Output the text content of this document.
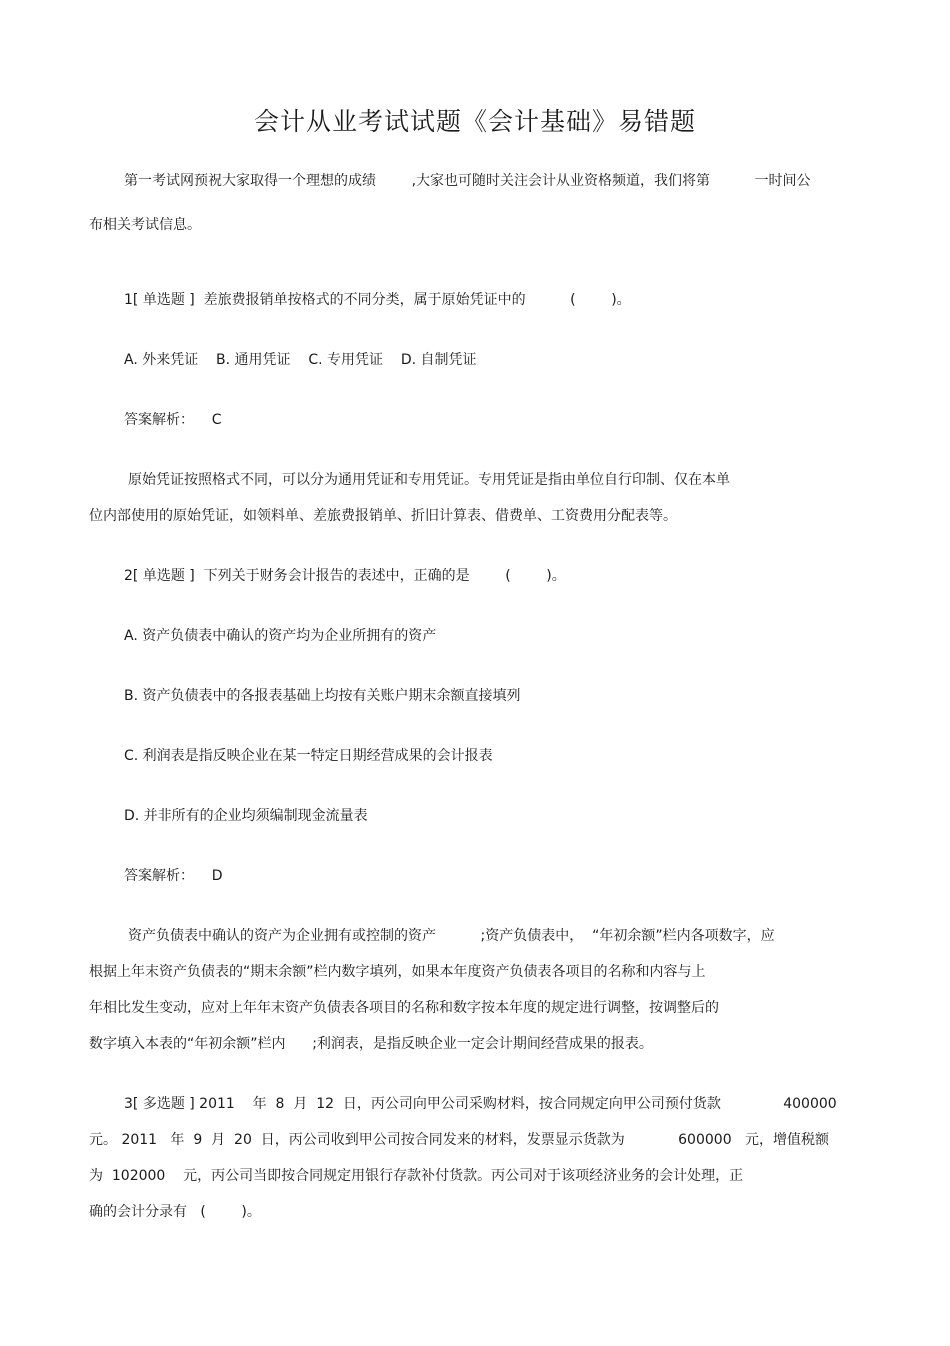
会计从业考试试题《会计基础》易错题
第一考试网预祝大家取得一个理想的成绩        ,大家也可随时关注会计从业资格频道，我们将第          一时间公
布相关考试信息。
1[ 单选题 ]  差旅费报销单按格式的不同分类，属于原始凭证中的          (        )。
A. 外来凭证    B. 通用凭证    C. 专用凭证    D. 自制凭证
答案解析：    C
原始凭证按照格式不同，可以分为通用凭证和专用凭证。专用凭证是指由单位自行印制、仅在本单
位内部使用的原始凭证，如领料单、差旅费报销单、折旧计算表、借费单、工资费用分配表等。
2[ 单选题 ]  下列关于财务会计报告的表述中，正确的是        (        )。
A. 资产负债表中确认的资产均为企业所拥有的资产
B. 资产负债表中的各报表基础上均按有关账户期末余额直接填列
C. 利润表是指反映企业在某一特定日期经营成果的会计报表
D. 并非所有的企业均须编制现金流量表
答案解析：    D
资产负债表中确认的资产为企业拥有或控制的资产          ;资产负债表中，  “年初余额”栏内各项数字，应
根据上年末资产负债表的“期末余额”栏内数字填列，如果本年度资产负债表各项目的名称和内容与上
年相比发生变动，应对上年年末资产负债表各项目的名称和数字按本年度的规定进行调整，按调整后的
数字填入本表的“年初余额”栏内      ;利润表，是指反映企业一定会计期间经营成果的报表。
3[ 多选题 ] 2011    年  8  月  12  日，丙公司向甲公司采购材料，按合同规定向甲公司预付货款              400000
元。 2011   年  9  月  20  日，丙公司收到甲公司按合同发来的材料，发票显示货款为            600000   元，增值税额
为  102000    元，丙公司当即按合同规定用银行存款补付货款。丙公司对于该项经济业务的会计处理，正
确的会计分录有   (        )。
